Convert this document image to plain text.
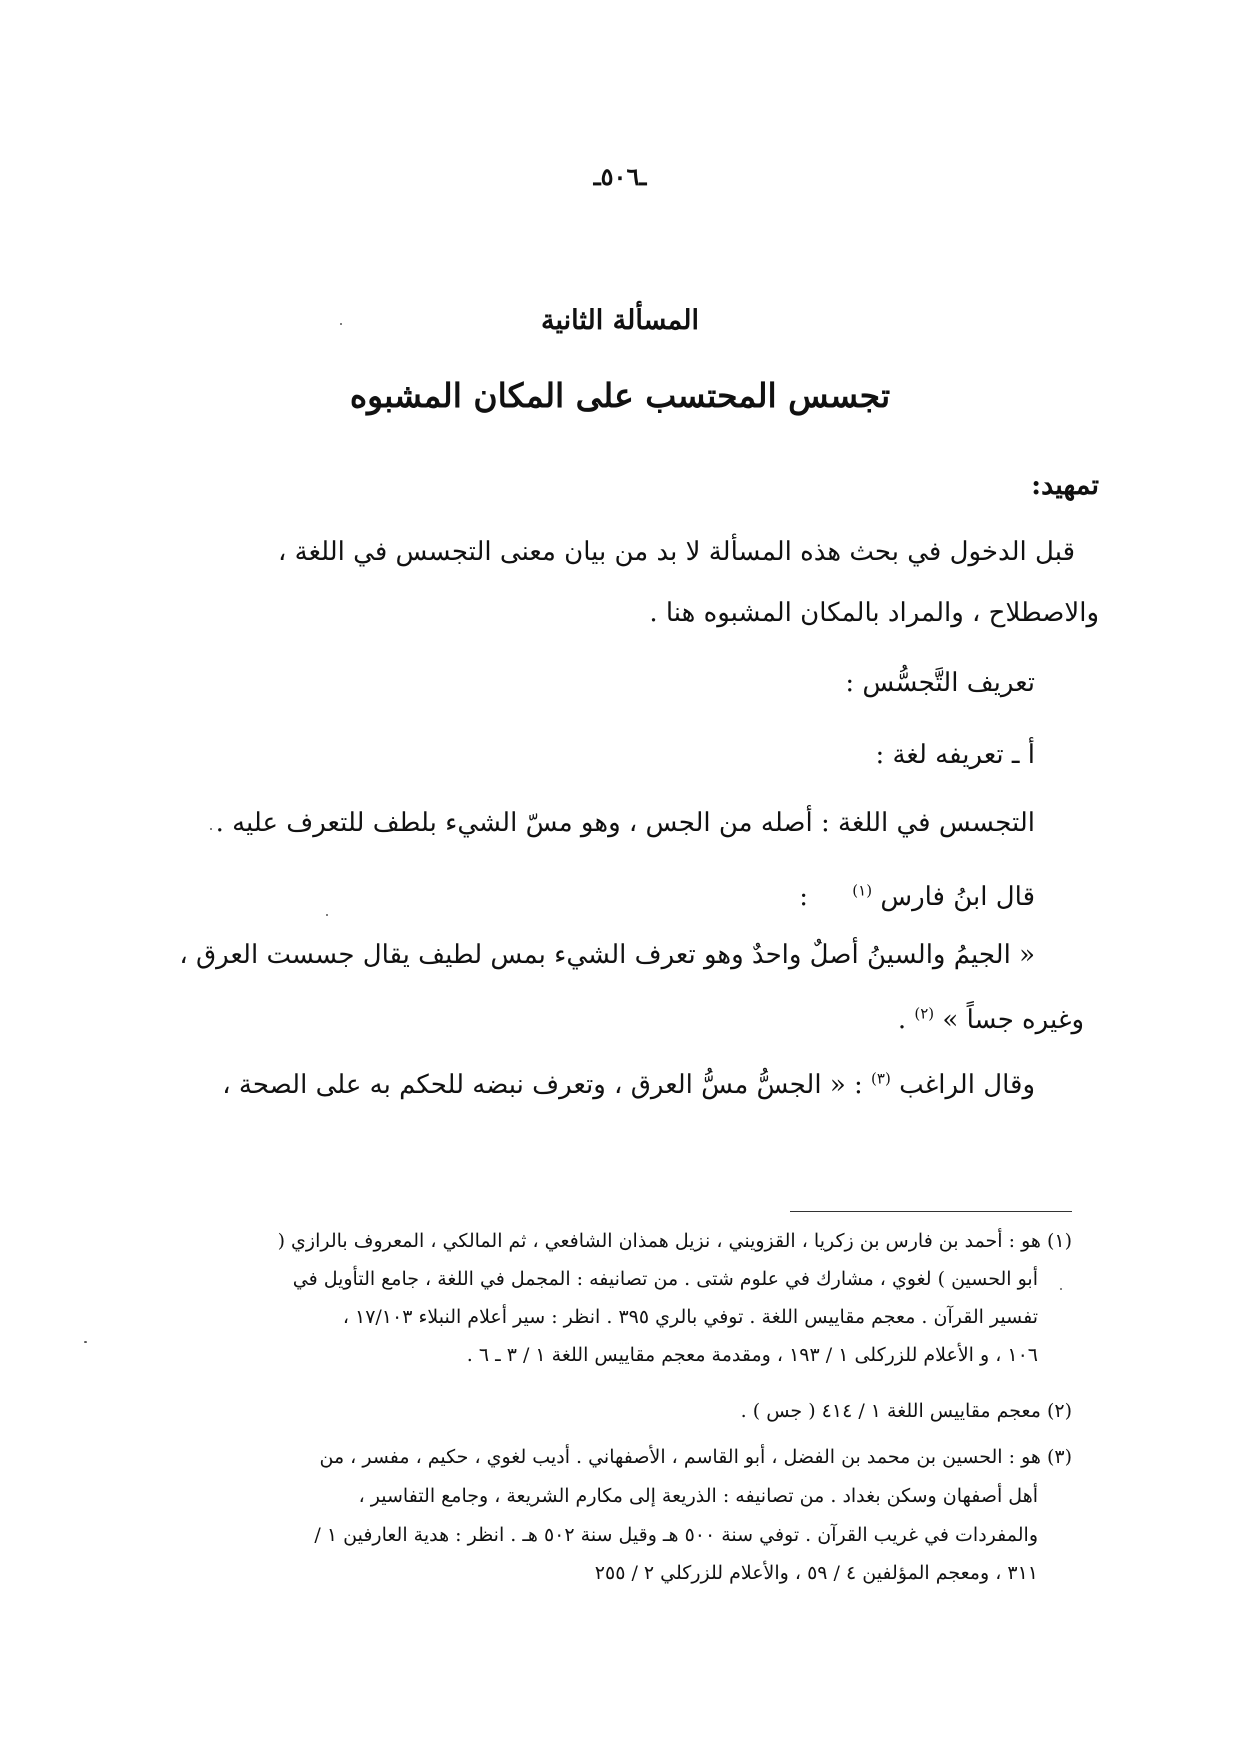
ـ٥٠٦ـ
المسألة الثانية
تجسس المحتسب على المكان المشبوه
تمهيد:
قبل الدخول في بحث هذه المسألة لا بد من بيان معنى التجسس في اللغة ،
والاصطلاح ، والمراد بالمكان المشبوه هنا .
تعريف التَّجسُّس :
أ ـ تعريفه لغة :
التجسس في اللغة : أصله من الجس ، وهو مسّ الشيء بلطف للتعرف عليه .
قال ابنُ فارس $^{(١)}$ :
« الجيمُ والسينُ أصلٌ واحدٌ وهو تعرف الشيء بمس لطيف يقال جسست العرق ،
وغيره جساً » $^{(٢)}$ .
وقال الراغب $^{(٣)}$ : « الجسُّ مسُّ العرق ، وتعرف نبضه للحكم به على الصحة ،
(١) هو : أحمد بن فارس بن زكريا ، القزويني ، نزيل همذان الشافعي ، ثم المالكي ، المعروف بالرازي (
أبو الحسين ) لغوي ، مشارك في علوم شتى . من تصانيفه : المجمل في اللغة ، جامع التأويل في
تفسير القرآن . معجم مقاييس اللغة . توفي بالري ٣٩٥ . انظر : سير أعلام النبلاء ١٧/١٠٣ ،
١٠٦ ، و الأعلام للزركلى ١ / ١٩٣ ، ومقدمة معجم مقاييس اللغة ١ / ٣ ـ ٦ .
(٢) معجم مقاييس اللغة ١ / ٤١٤ ( جس ) .
(٣) هو : الحسين بن محمد بن الفضل ، أبو القاسم ، الأصفهاني . أديب لغوي ، حكيم ، مفسر ، من
أهل أصفهان وسكن بغداد . من تصانيفه : الذريعة إلى مكارم الشريعة ، وجامع التفاسير ،
والمفردات في غريب القرآن . توفي سنة ٥٠٠ هـ وقيل سنة ٥٠٢ هـ . انظر : هدية العارفين ١ /
٣١١ ، ومعجم المؤلفين ٤ / ٥٩ ، والأعلام للزركلي ٢ / ٢٥٥
